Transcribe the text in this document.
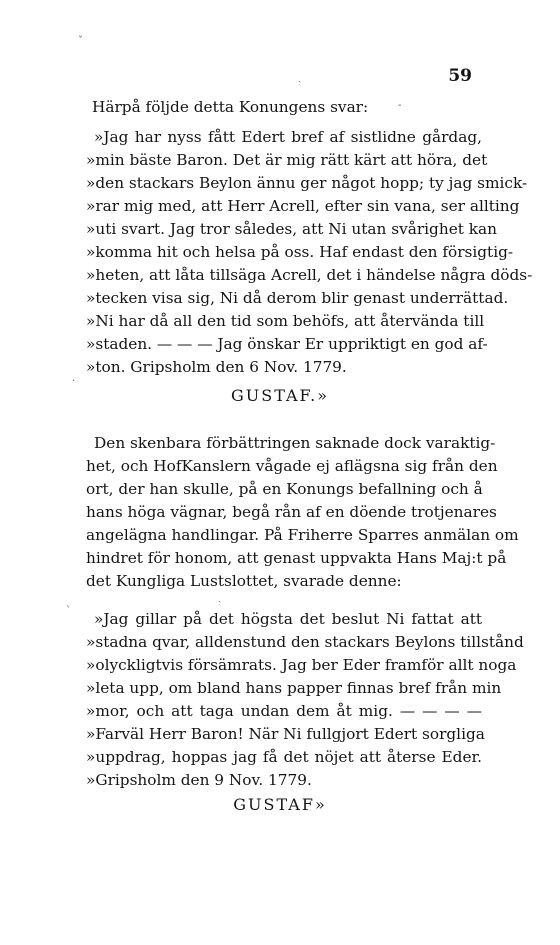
ˇ
ˏ
-
.
ˋ
ˏ
59
Härpå följde detta Konungens svar:
»Jag har nyss fått Edert bref af sistlidne gårdag,
»min bäste Baron. Det är mig rätt kärt att höra, det
»den stackars Beylon ännu ger något hopp; ty jag smick-
»rar mig med, att Herr Acrell, efter sin vana, ser allting
»uti svart. Jag tror således, att Ni utan svårighet kan
»komma hit och helsa på oss. Haf endast den försigtig-
»heten, att låta tillsäga Acrell, det i händelse några döds-
»tecken visa sig, Ni då derom blir genast underrättad.
»Ni har då all den tid som behöfs, att återvända till
»staden. — — — Jag önskar Er uppriktigt en god af-
»ton. Gripsholm den 6 Nov. 1779.
GUSTAF.»
Den skenbara förbättringen saknade dock varaktig-
het, och HofKanslern vågade ej aflägsna sig från den
ort, der han skulle, på en Konungs befallning och å
hans höga vägnar, begå rån af en döende trotjenares
angelägna handlingar. På Friherre Sparres anmälan om
hindret för honom, att genast uppvakta Hans Maj:t på
det Kungliga Lustslottet, svarade denne:
»Jag gillar på det högsta det beslut Ni fattat att
»stadna qvar, alldenstund den stackars Beylons tillstånd
»olyckligtvis försämrats. Jag ber Eder framför allt noga
»leta upp, om bland hans papper finnas bref från min
»mor, och att taga undan dem åt mig. — — — —
»Farväl Herr Baron! När Ni fullgjort Edert sorgliga
»uppdrag, hoppas jag få det nöjet att återse Eder.
»Gripsholm den 9 Nov. 1779.
GUSTAF»
